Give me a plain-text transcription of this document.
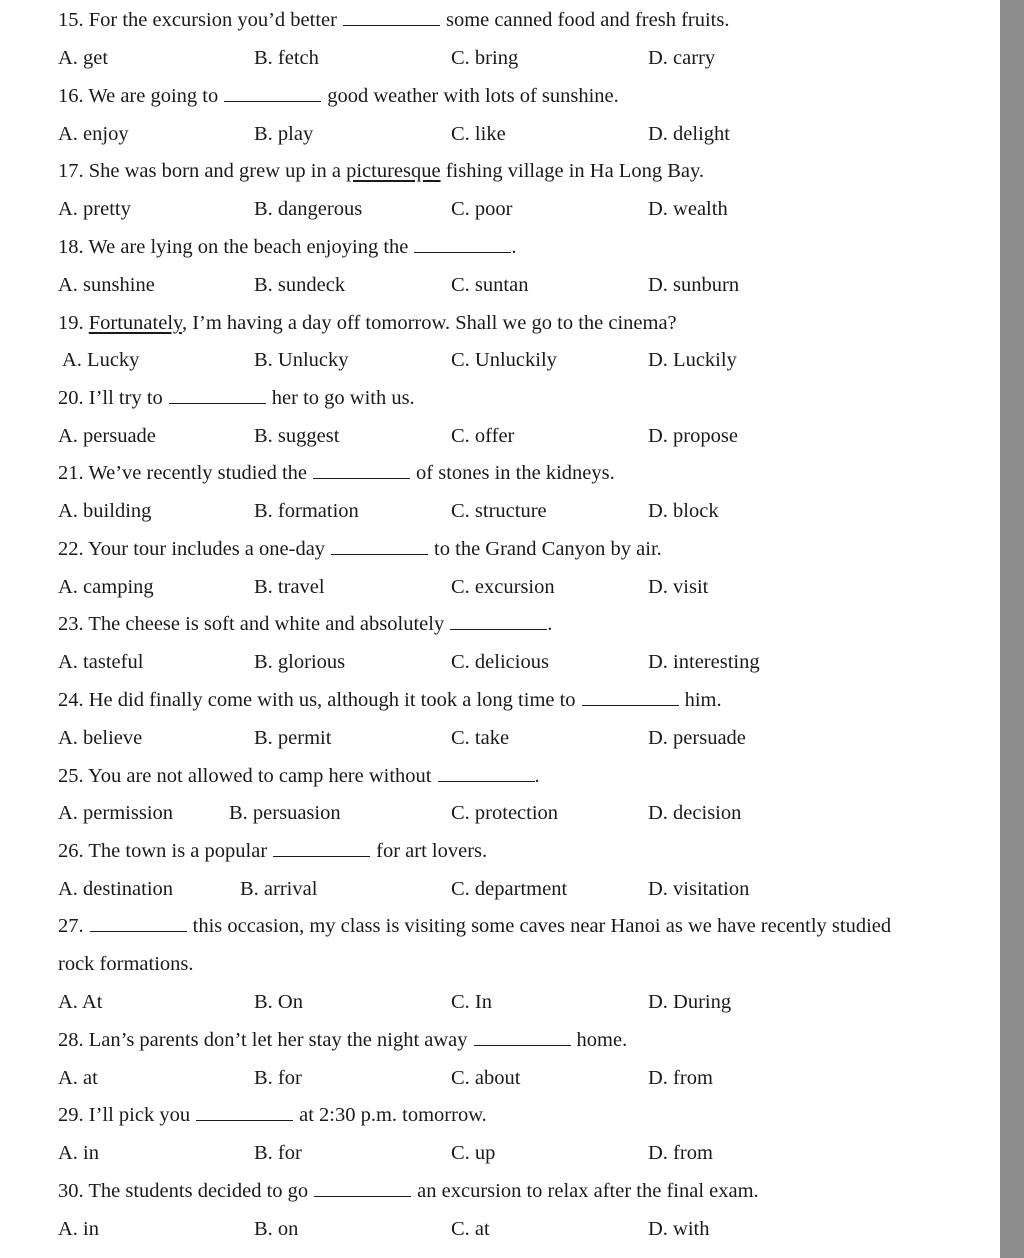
15. For the excursion you’d better	some canned food and fresh fruits.
A. get	B. fetch	C. bring	D. carry
16. We are going to	good weather with lots of sunshine.
A. enjoy	B. play	C. like	D. delight
17. She was born and grew up in a picturesque fishing village in Ha Long Bay.
A. pretty	B. dangerous	C. poor	D. wealth
18. We are lying on the beach enjoying the	.
A. sunshine	B. sundeck	C. suntan	D. sunburn
19. Fortunately, I’m having a day off tomorrow. Shall we go to the cinema?
A. Lucky	B. Unlucky	C. Unluckily	D. Luckily
20. I’ll try to	her to go with us.
A. persuade	B. suggest	C. offer	D. propose
21. We’ve recently studied the	of stones in the kidneys.
A. building	B. formation	C. structure	D. block
22. Your tour includes a one-day	to the Grand Canyon by air.
A. camping	B. travel	C. excursion	D. visit
23. The cheese is soft and white and absolutely	.
A. tasteful	B. glorious	C. delicious	D. interesting
24. He did finally come with us, although it took a long time to	him.
A. believe	B. permit	C. take	D. persuade
25. You are not allowed to camp here without	.
A. permission	B. persuasion	C. protection	D. decision
26. The town is a popular	for art lovers.
A. destination	B. arrival	C. department	D. visitation
27.	this occasion, my class is visiting some caves near Hanoi as we have recently studied
rock formations.
A. At	B. On	C. In	D. During
28. Lan’s parents don’t let her stay the night away	home.
A. at	B. for	C. about	D. from
29. I’ll pick you	at 2:30 p.m. tomorrow.
A. in	B. for	C. up	D. from
30. The students decided to go	an excursion to relax after the final exam.
A. in	B. on	C. at	D. with
